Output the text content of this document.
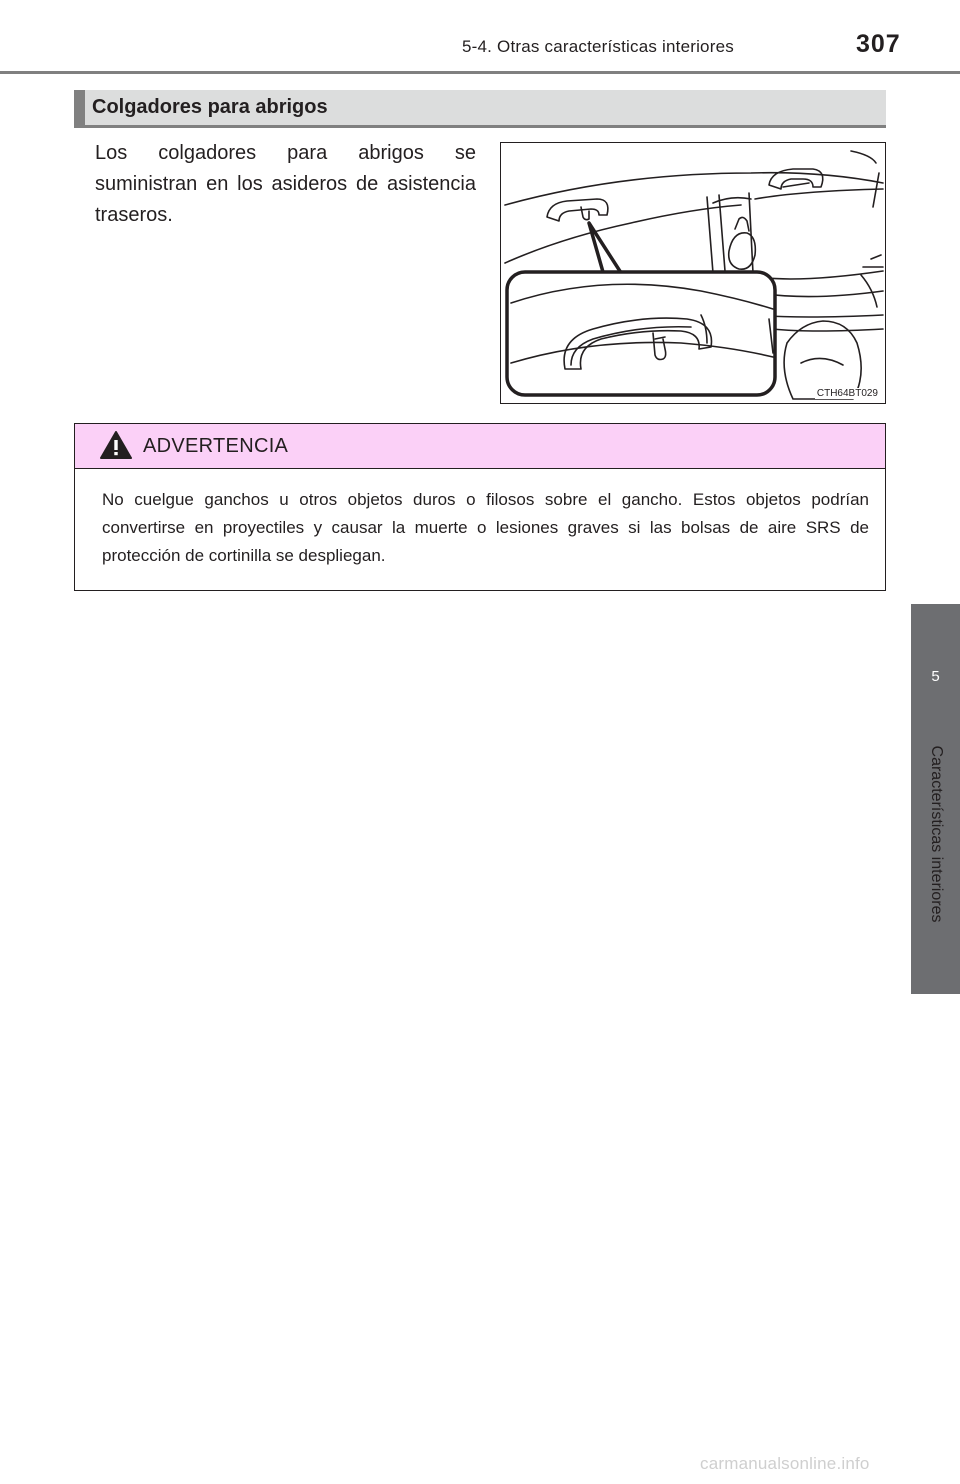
5-4. Otras características interiores	307
5
Características interiores
Colgadores para abrigos
Los colgadores para abrigos se suministran en los asideros de asistencia traseros.
CTH64BT029
ADVERTENCIA
No cuelgue ganchos u otros objetos duros o filosos sobre el gancho. Estos objetos podrían convertirse en proyectiles y causar la muerte o lesiones graves si las bolsas de aire SRS de protección de cortinilla se despliegan.
carmanualsonline.info
